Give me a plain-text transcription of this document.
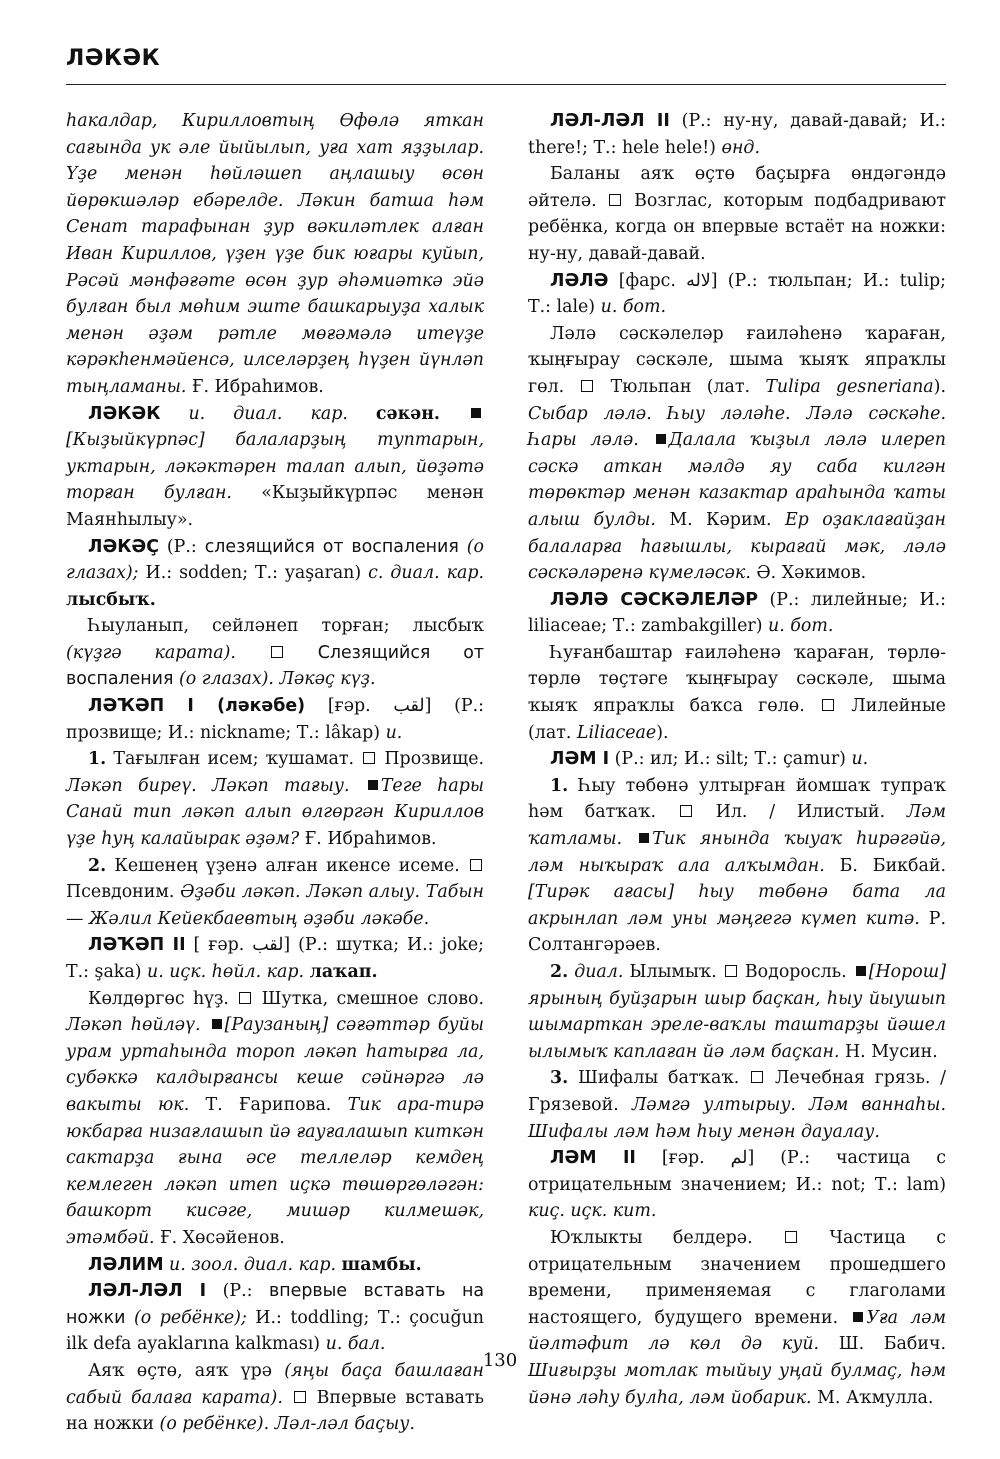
ЛӘКӘК

һакалдар, Кирилловтың Өфөлә яткан сағында ук әле йыйылып, уға хат яҙҙылар. Үҙе менән һөйләшеп аңлашыу өсөн йөрөкшәләр ебәрелде. Ләкин батша һәм Сенат тарафынан ҙур вәкиләтлек алған Иван Кириллов, үҙен үҙе бик юғары куйып, Рәсәй мәнфәғәте өсөн ҙур әһәмиәткә эйә булған был мөһим эште башкарыуҙа халык менән әҙәм рәтле мөғәмәлә итеүҙе кәрәкһенмәйенсә, илселәрҙең һүҙен йүнләп тыңламаны. Ғ. Ибраһимов.

ЛӘКӘК и. диал. кар. сәкән. [Кыҙыйкүрпәс] балаларҙың туптарын, уктарын, ләкәктәрен талап алып, йөҙәтә торған булған. «Кыҙыйкүрпәс менән Маянһылыу».

ЛӘКӘҪ (Р.: слезящийся от воспаления (о глазах); И.: sodden; Т.: yaşaran) с. диал. кар. лысбыҡ.

Һыуланып, сейләнеп торған; лысбыҡ (күҙгә карата).	Слезящийся от воспаления (о глазах). Ләкәҫ күҙ.

ЛӘҠӘП I (ләкәбе) [ғәр. لقب] (Р.: прозвище; И.: nickname; Т.: lâkap) и.

1. Тағылған исем; ҡушамат. Прозвище. Ләкәп биреү. Ләкәп тағыу. Теге һары Санай тип ләкәп алып өлгөргән Кириллов үҙе һуң калайырак әҙәм? Ғ. Ибраһимов.

2. Кешенең үҙенә алған икенсе исеме.  Псевдоним. Әҙәби ләкәп. Ләкәп алыу. Табын — Жәлил Кейекбаевтың әҙәби ләкәбе.

ЛӘҠӘП II [ ғәр. لقب] (Р.: шутка; И.: joke; Т.: şaka) и. иҫк. һөйл. кар. лаҡап.

Көлдөргөс һүҙ. Шутка, смешное слово. Ләкәп һөйләү. [Раузаның] сәғәттәр буйы урам уртаһында тороп ләкәп һатырға ла, субәккә калдырғансы кеше сәйнәргә лә вакыты юк. Т. Ғарипова. Тик ара-тирә юкбарға низағлашып йә ғауғалашып киткән сактарҙа ғына әсе теллеләр кемдең кемлеген ләкәп итеп иҫкә төшөргөләгән: башкорт кисәге, мишәр килмешәк, этәмбәй. Ғ. Хөсәйенов.

ЛӘЛИМ и. зоол. диал. кар. шамбы.

ЛӘЛ-ЛӘЛ I (Р.: впервые вставать на ножки (о ребёнке); И.: toddling; Т.: çocuğun ilk defa ayaklarına kalkması) и. бал.

Аяҡ өҫтө, аяҡ үрә (яңы баҫа башлаған сабый балаға карата). Впервые вставать на ножки (о ребёнке). Ләл-ләл баҫыу.

ЛӘЛ-ЛӘЛ II (Р.: ну-ну, давай-давай; И.: there!; Т.: hele hele!) өнд.

Баланы аяҡ өҫтө баҫырға өндәгәндә әйтелә. Возглас, которым подбадривают ребёнка, когда он впервые встаёт на ножки: ну-ну, давай-давай.

ЛӘЛӘ [фарс. لاله] (Р.: тюльпан; И.: tulip; Т.: lale) и. бот.

Ләлә сәскәлеләр ғаиләһенә ҡараған, ҡыңғырау сәскәле, шыма ҡыяҡ япраҡлы гөл.	Тюльпан (лат. Tulipa gesneriana). Сыбар ләлә. Һыу ләләһе. Ләлә сәскәһе. Һары ләлә. Далала ҡыҙыл ләлә илереп сәскә аткан мәлдә яу саба килгән төрөктәр менән казактар араһында ҡаты алыш булды. М. Кәрим. Ер оҙаклағайҙан балаларға һағышлы, кырағай мәк, ләлә сәскәләренә күмеләсәк. Ә. Хәкимов.

ЛӘЛӘ СӘСКӘЛЕЛӘР (Р.: лилейные; И.: liliaceae; Т.: zambakgiller) и. бот.

Һуғанбаштар ғаиләһенә ҡараған, төрлө-төрлө төҫтәге ҡыңғырау сәскәле, шыма ҡыяҡ япраҡлы баҡса гөлө.	Лилейные (лат. Liliaceae).

ЛӘМ I (Р.: ил; И.: silt; Т.: çamur) и.

1. Һыу төбөнә ултырған йомшаҡ тупраҡ һәм батҡаҡ.	Ил. / Илистый. Ләм ҡатламы. Тик янында ҡыуаҡ һирәгәйә, ләм ныҡыраҡ ала алҡымдан. Б. Бикбай. [Тирәк ағасы] һыу төбөнә бата ла акрынлап ләм уны мәңгегә күмеп китә. Р. Солтангәрәев.

2. диал. Ылымыҡ. Водоросль. [Норош] ярының буйҙарын шыр баҫкан, һыу йыушып шымарткан эреле-ваҡлы таштарҙы йәшел ылымыҡ каплаған йә ләм баҫкан. Н. Мусин.

3. Шифалы батҡаҡ. Лечебная грязь. / Грязевой. Ләмгә ултырыу. Ләм ваннаһы. Шифалы ләм һәм һыу менән дауалау.

ЛӘМ II [ғәр. لم] (Р.: частица с отрицательным значением; И.: not; Т.: lam) киҫ. иҫк. кит.

Юҡлыкты белдерә.	Частица с отрицательным значением прошедшего времени, применяемая с глаголами настоящего, будущего времени. Уға ләм йәлтәфит лә көл дә куй. Ш. Бабич. Шиғырҙы мотлак тыйыу уңай булмаҫ, һәм йәнә ләһу булһа, ләм йобарик. М. Аҡмулла.

130
